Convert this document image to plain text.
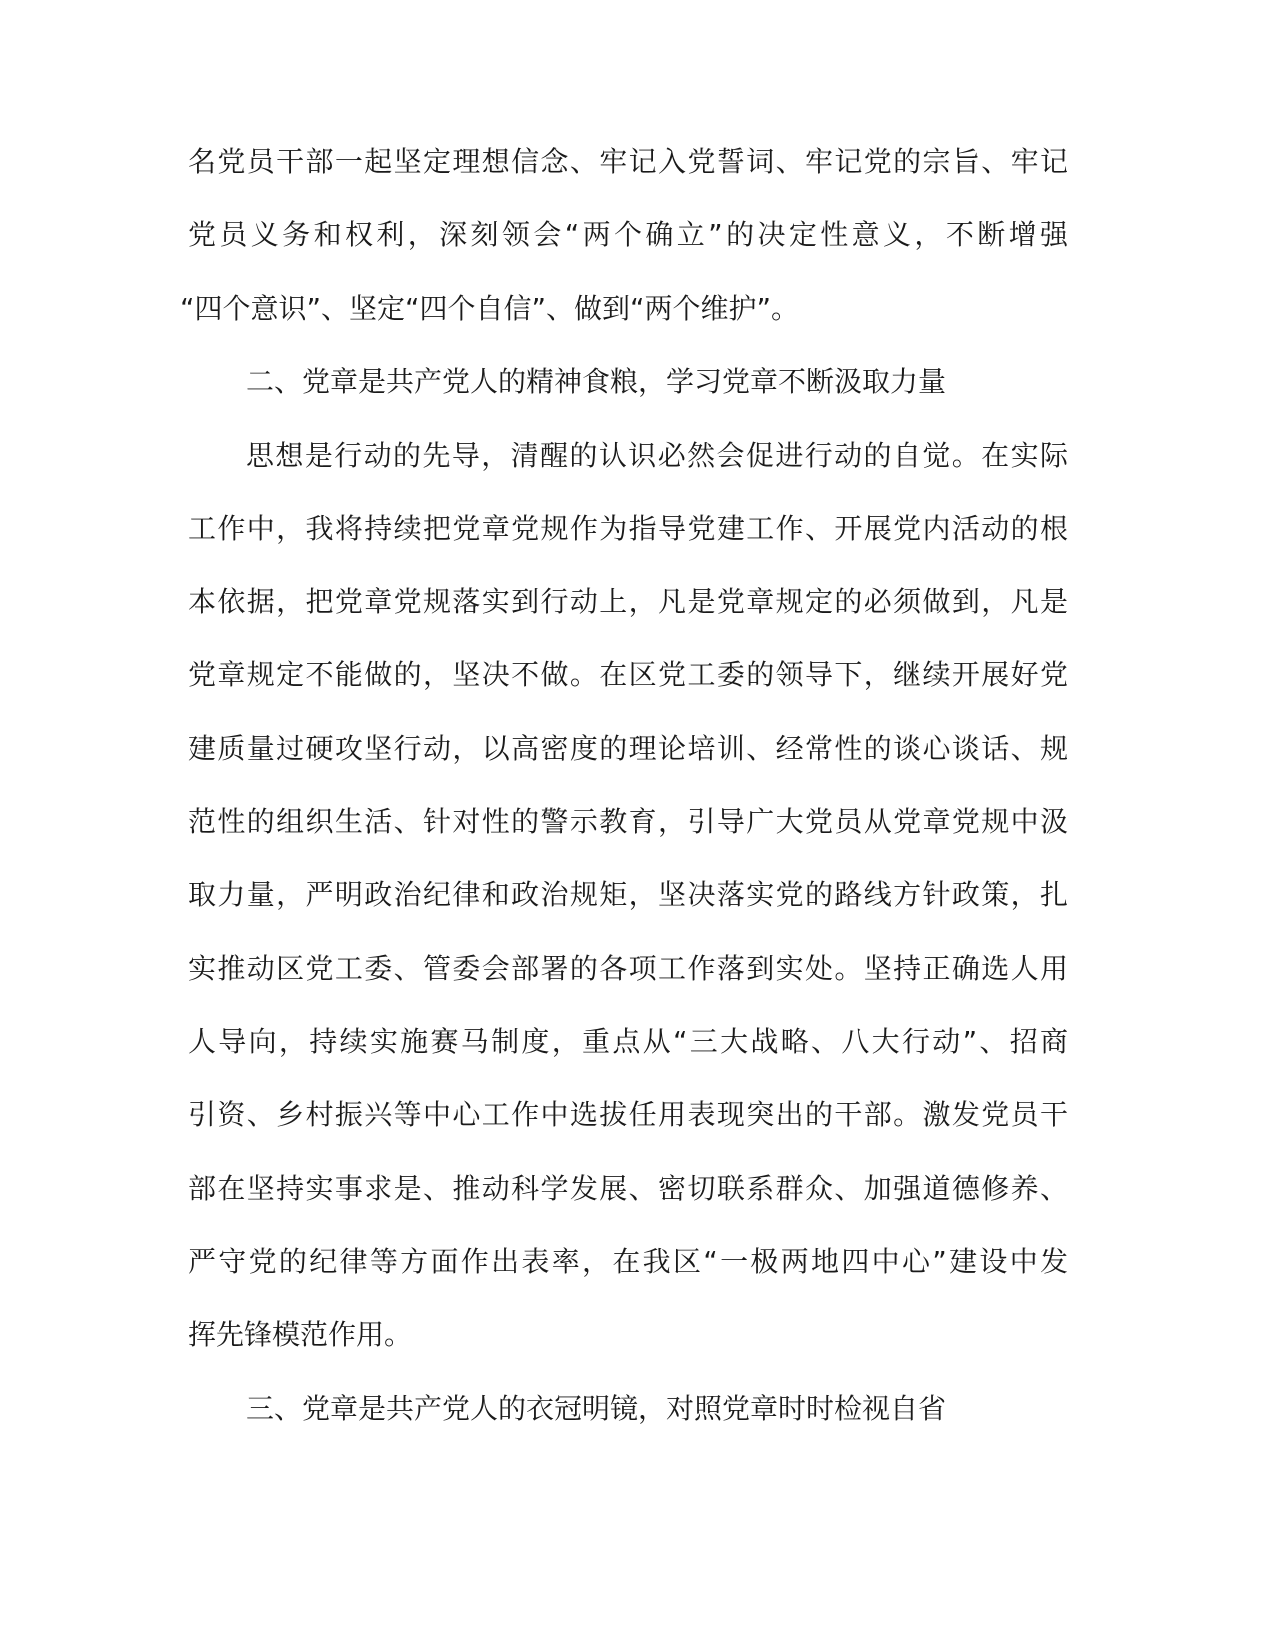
名党员干部一起坚定理想信念、牢记入党誓词、牢记党的宗旨、牢记
党员义务和权利，深刻领会“两个确立”的决定性意义，不断增强
“四个意识”、坚定“四个自信”、做到“两个维护”。
二、党章是共产党人的精神食粮，学习党章不断汲取力量
思想是行动的先导，清醒的认识必然会促进行动的自觉。在实际
工作中，我将持续把党章党规作为指导党建工作、开展党内活动的根
本依据，把党章党规落实到行动上，凡是党章规定的必须做到，凡是
党章规定不能做的，坚决不做。在区党工委的领导下，继续开展好党
建质量过硬攻坚行动，以高密度的理论培训、经常性的谈心谈话、规
范性的组织生活、针对性的警示教育，引导广大党员从党章党规中汲
取力量，严明政治纪律和政治规矩，坚决落实党的路线方针政策，扎
实推动区党工委、管委会部署的各项工作落到实处。坚持正确选人用
人导向，持续实施赛马制度，重点从“三大战略、八大行动”、招商
引资、乡村振兴等中心工作中选拔任用表现突出的干部。激发党员干
部在坚持实事求是、推动科学发展、密切联系群众、加强道德修养、
严守党的纪律等方面作出表率，在我区“一极两地四中心”建设中发
挥先锋模范作用。
三、党章是共产党人的衣冠明镜，对照党章时时检视自省
